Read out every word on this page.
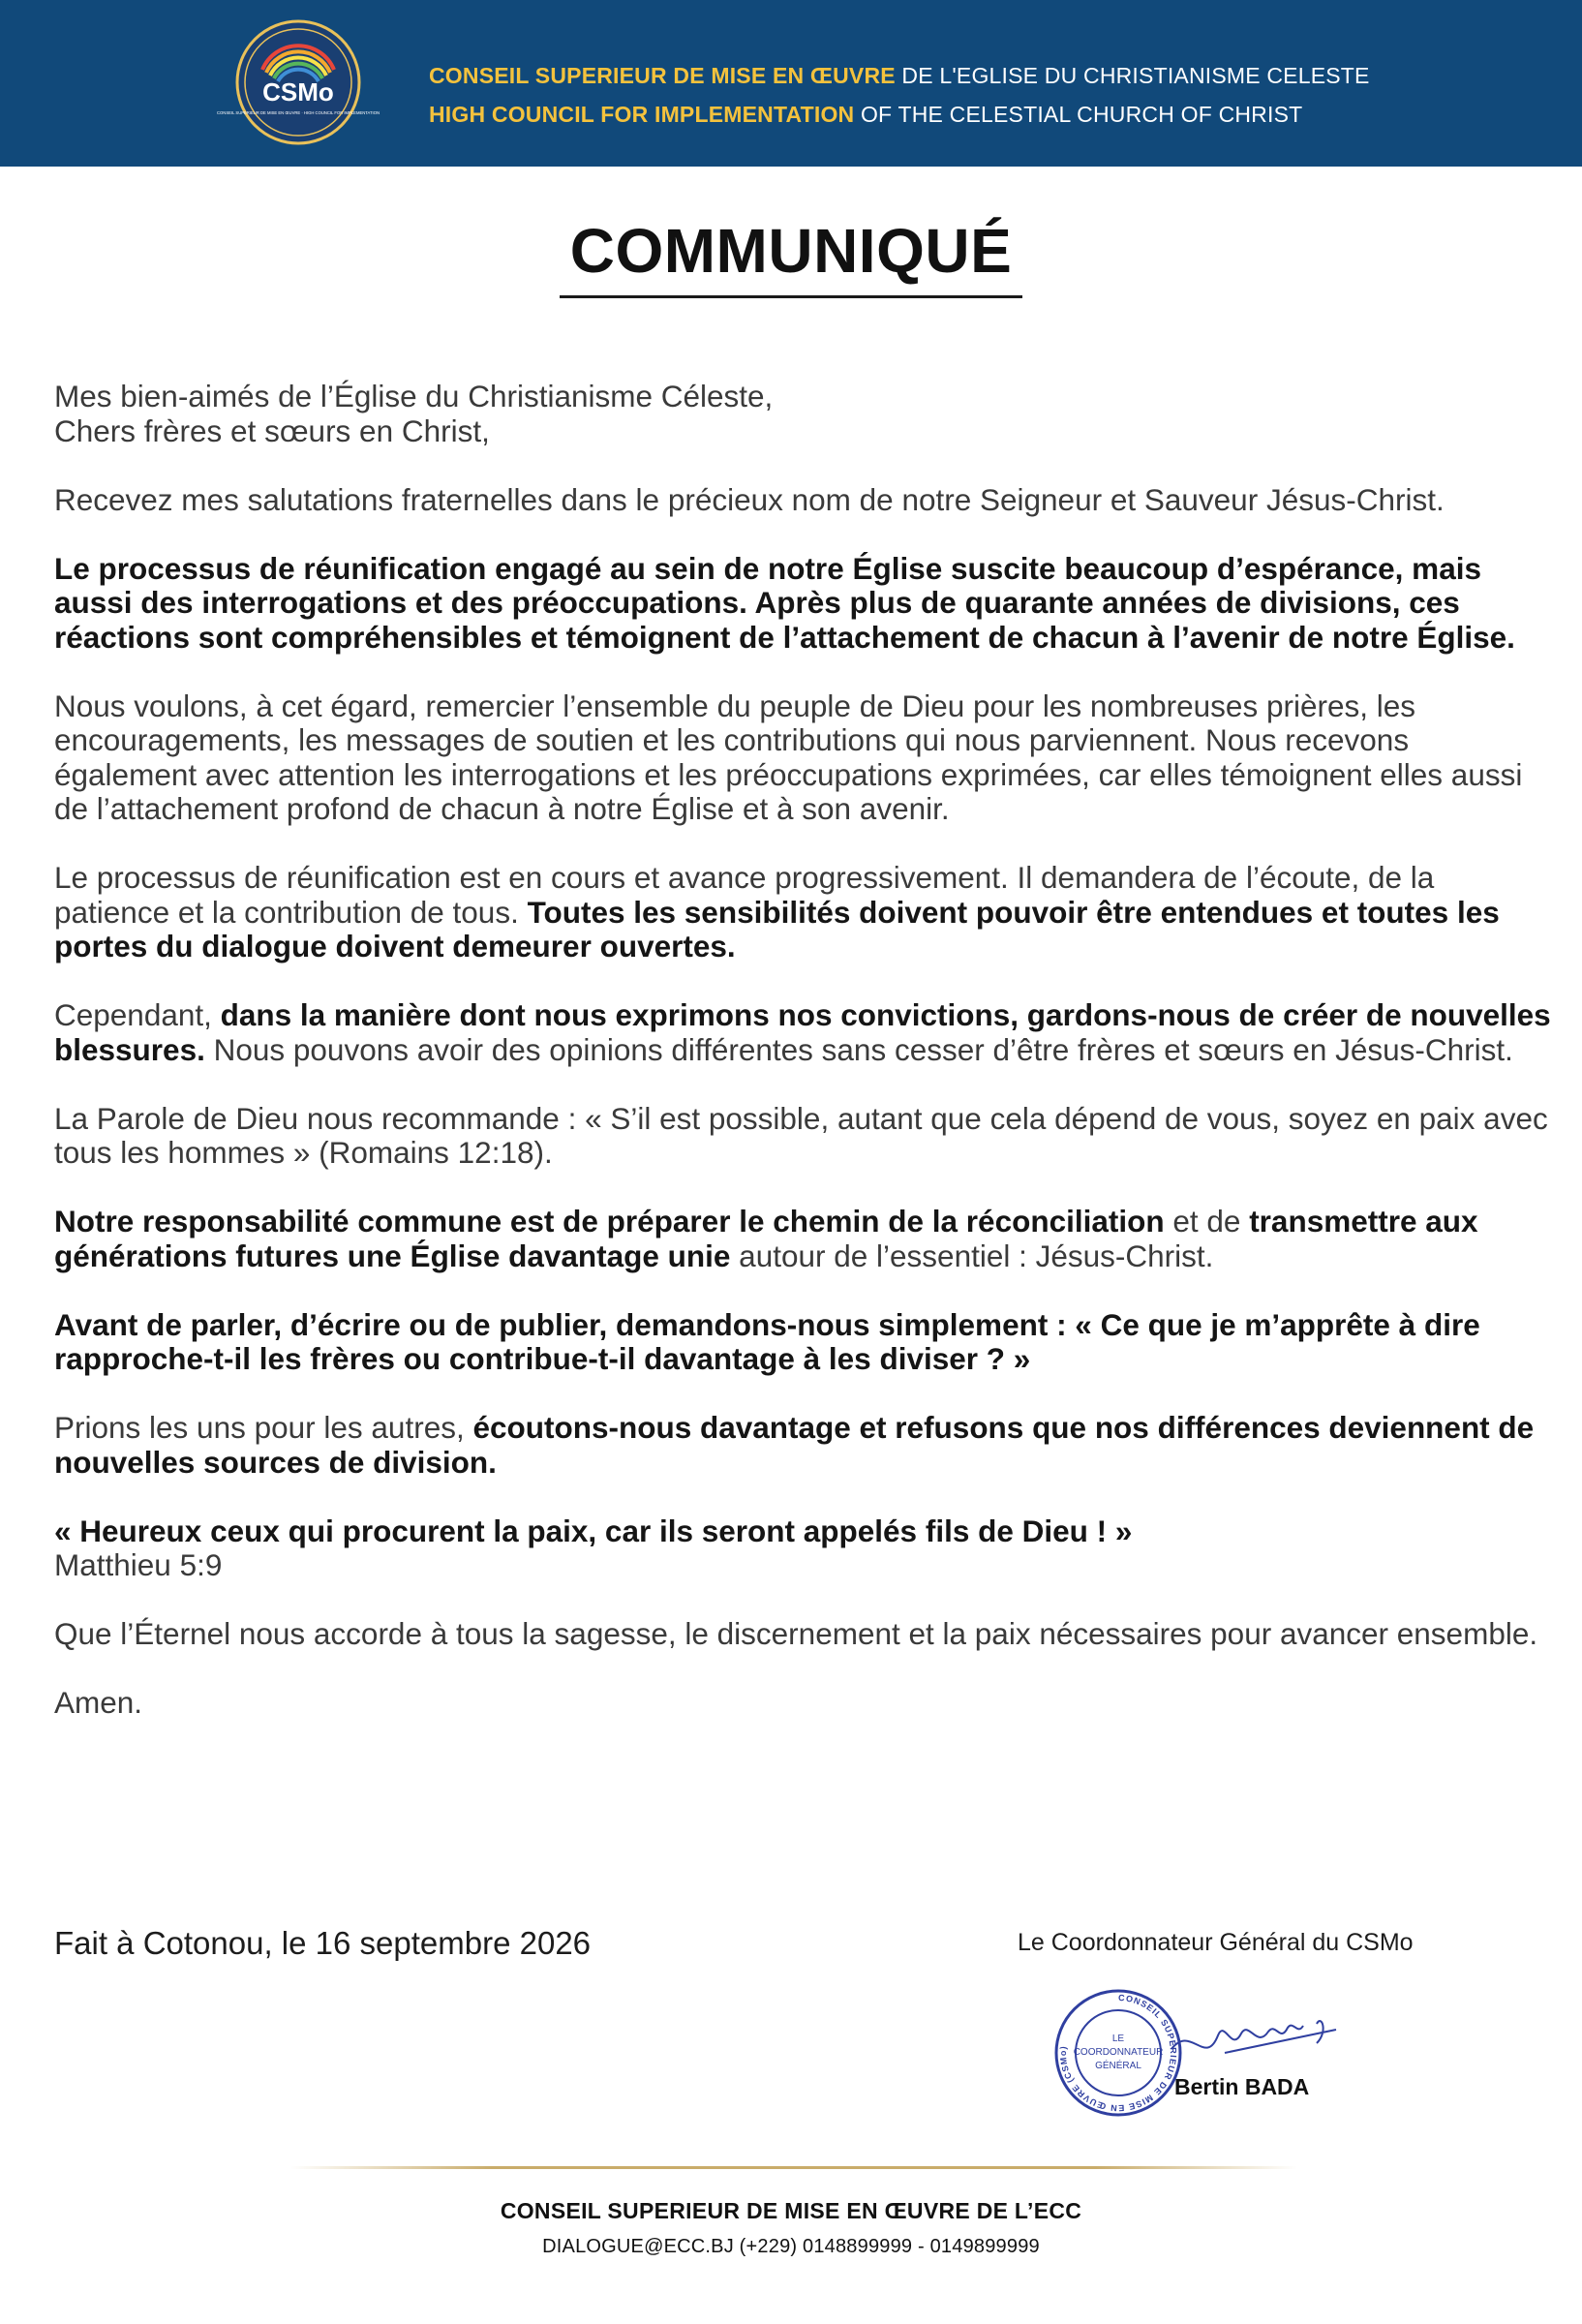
CSMo
CONSEIL SUPERIEUR DE MISE EN ŒUVRE · HIGH COUNCIL FOR IMPLEMENTATION
CONSEIL SUPERIEUR DE MISE EN ŒUVRE DE L'EGLISE DU CHRISTIANISME CELESTE
HIGH COUNCIL FOR IMPLEMENTATION OF THE CELESTIAL CHURCH OF CHRIST
COMMUNIQUÉ
Mes bien-aimés de l’Église du Christianisme Céleste,
Chers frères et sœurs en Christ,
Recevez mes salutations fraternelles dans le précieux nom de notre Seigneur et Sauveur Jésus-Christ.
Le processus de réunification engagé au sein de notre Église suscite beaucoup d’espérance, mais aussi des interrogations et des préoccupations. Après plus de quarante années de divisions, ces réactions sont compréhensibles et témoignent de l’attachement de chacun à l’avenir de notre Église.
Nous voulons, à cet égard, remercier l’ensemble du peuple de Dieu pour les nombreuses prières, les encouragements, les messages de soutien et les contributions qui nous parviennent. Nous recevons également avec attention les interrogations et les préoccupations exprimées, car elles témoignent elles aussi de l’attachement profond de chacun à notre Église et à son avenir.
Le processus de réunification est en cours et avance progressivement. Il demandera de l’écoute, de la patience et la contribution de tous. Toutes les sensibilités doivent pouvoir être entendues et toutes les portes du dialogue doivent demeurer ouvertes.
Cependant, dans la manière dont nous exprimons nos convictions, gardons-nous de créer de nouvelles blessures. Nous pouvons avoir des opinions différentes sans cesser d’être frères et sœurs en Jésus-Christ.
La Parole de Dieu nous recommande : « S’il est possible, autant que cela dépend de vous, soyez en paix avec tous les hommes » (Romains 12:18).
Notre responsabilité commune est de préparer le chemin de la réconciliation et de transmettre aux générations futures une Église davantage unie autour de l’essentiel : Jésus-Christ.
Avant de parler, d’écrire ou de publier, demandons-nous simplement : « Ce que je m’apprête à dire rapproche-t-il les frères ou contribue-t-il davantage à les diviser ? »
Prions les uns pour les autres, écoutons-nous davantage et refusons que nos différences deviennent de nouvelles sources de division.
« Heureux ceux qui procurent la paix, car ils seront appelés fils de Dieu ! »
Matthieu 5:9
Que l’Éternel nous accorde à tous la sagesse, le discernement et la paix nécessaires pour avancer ensemble.
Amen.
Fait à Cotonou, le 16 septembre 2026	Le Coordonnateur Général du CSMo
CONSEIL SUPERIEUR DE MISE EN ŒUVRE (CSMo)
LE
COORDONNATEUR
GÉNÉRAL
Bertin BADA
CONSEIL SUPERIEUR DE MISE EN ŒUVRE DE L’ECC
DIALOGUE@ECC.BJ (+229) 0148899999 - 0149899999
